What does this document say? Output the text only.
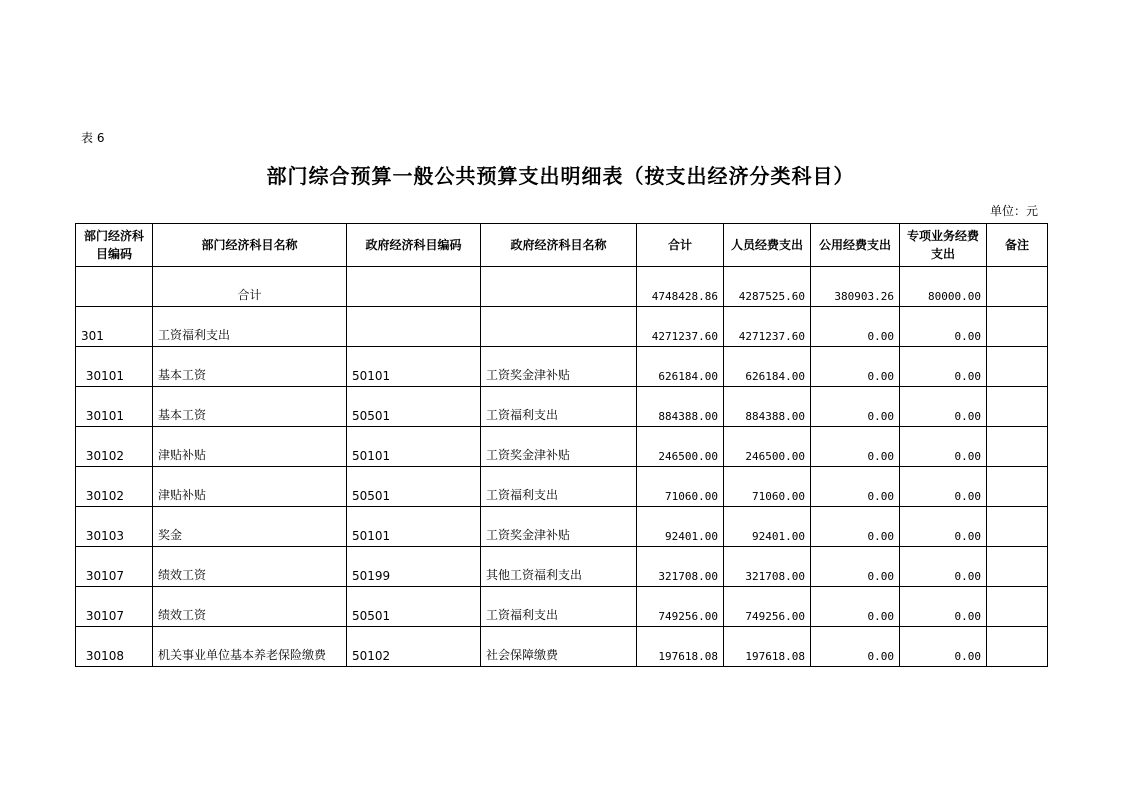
表 6
部门综合预算一般公共预算支出明细表（按支出经济分类科目）
单位：元
部门经济科目编码	部门经济科目名称	政府经济科目编码	政府经济科目名称	合计	人员经费支出	公用经费支出	专项业务经费支出	备注
	合计			4748428.86	4287525.60	380903.26	80000.00	
301	工资福利支出			4271237.60	4271237.60	0.00	0.00	
30101	基本工资	50101	工资奖金津补贴	626184.00	626184.00	0.00	0.00	
30101	基本工资	50501	工资福利支出	884388.00	884388.00	0.00	0.00	
30102	津贴补贴	50101	工资奖金津补贴	246500.00	246500.00	0.00	0.00	
30102	津贴补贴	50501	工资福利支出	71060.00	71060.00	0.00	0.00	
30103	奖金	50101	工资奖金津补贴	92401.00	92401.00	0.00	0.00	
30107	绩效工资	50199	其他工资福利支出	321708.00	321708.00	0.00	0.00	
30107	绩效工资	50501	工资福利支出	749256.00	749256.00	0.00	0.00	
30108	机关事业单位基本养老保险缴费	50102	社会保障缴费	197618.08	197618.08	0.00	0.00	
